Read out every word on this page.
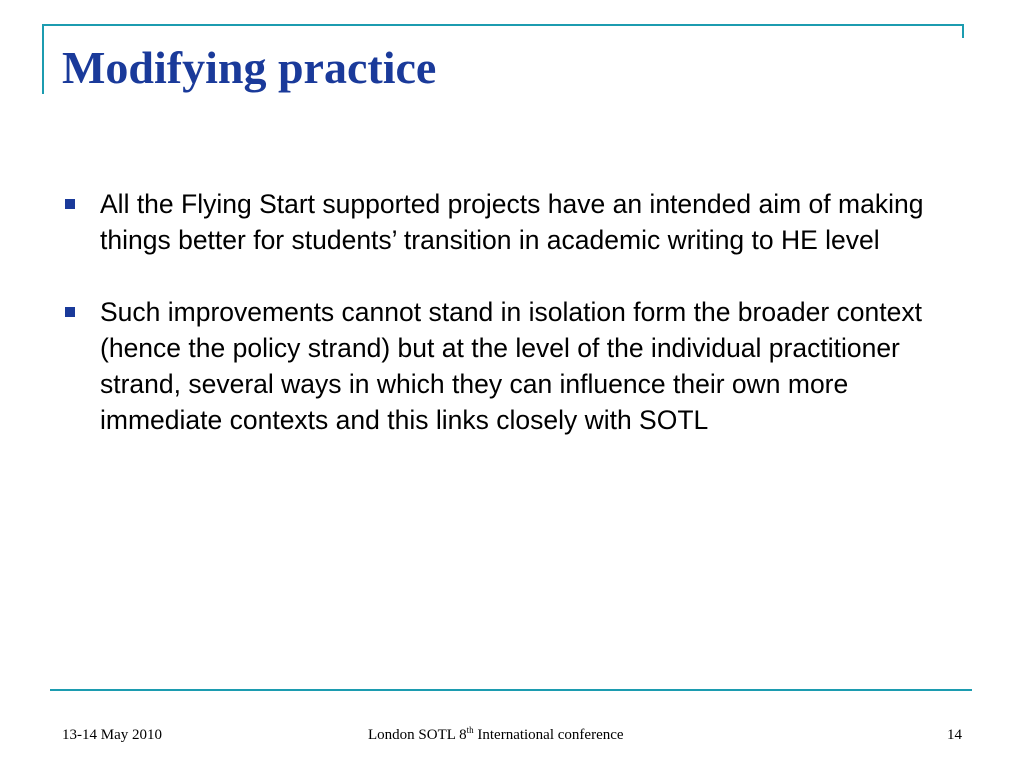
Modifying practice
All the Flying Start supported projects have an intended aim of making things better for students’ transition in academic writing to HE level
Such improvements cannot stand in isolation form the broader context (hence the policy strand) but at the level of the individual practitioner strand, several ways in which they can influence their own more immediate contexts and this links closely with SOTL
13-14 May 2010	London SOTL 8th International conference	14
